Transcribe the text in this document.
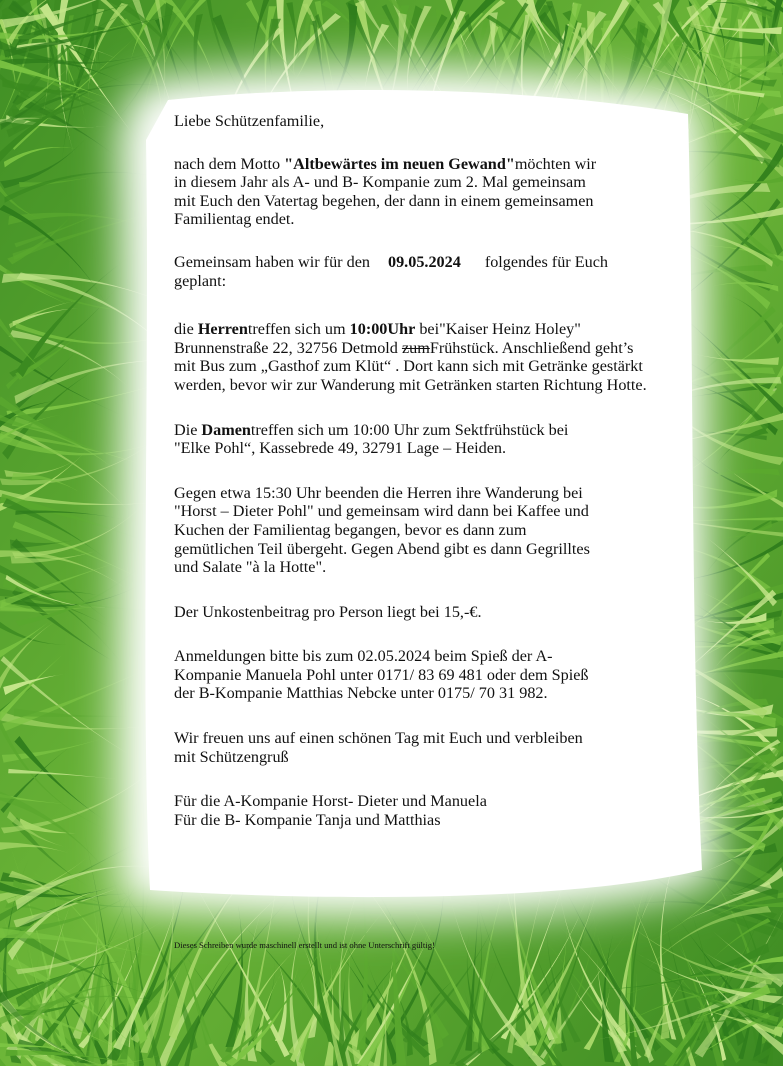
Liebe Schützenfamilie,

nach dem Motto "Altbewärtes im neuen Gewand"möchten wir

in diesem Jahr als A- und B- Kompanie zum 2. Mal gemeinsam

mit Euch den Vatertag begehen, der dann in einem gemeinsamen

Familientag endet.

Gemeinsam haben wir für den 09.05.2024 folgendes für Euch

geplant:

die Herrentreffen sich um 10:00Uhr bei"Kaiser Heinz Holey"

Brunnenstraße 22, 32756 Detmold zumFrühstück. Anschließend geht’s

mit Bus zum „Gasthof zum Klüt“ . Dort kann sich mit Getränke gestärkt

werden, bevor wir zur Wanderung mit Getränken starten Richtung Hotte.

Die Damentreffen sich um 10:00 Uhr zum Sektfrühstück bei

"Elke Pohl“, Kassebrede 49, 32791 Lage – Heiden.

Gegen etwa 15:30 Uhr beenden die Herren ihre Wanderung bei

"Horst – Dieter Pohl" und gemeinsam wird dann bei Kaffee und

Kuchen der Familientag begangen, bevor es dann zum

gemütlichen Teil übergeht. Gegen Abend gibt es dann Gegrilltes

und Salate "à la Hotte".

Der Unkostenbeitrag pro Person liegt bei 15,-€.

Anmeldungen bitte bis zum 02.05.2024 beim Spieß der A-

Kompanie Manuela Pohl unter 0171/ 83 69 481 oder dem Spieß

der B-Kompanie Matthias Nebcke unter 0175/ 70 31 982.

Wir freuen uns auf einen schönen Tag mit Euch und verbleiben

mit Schützengruß

Für die A-Kompanie Horst- Dieter und Manuela

Für die B- Kompanie Tanja und Matthias

Dieses Schreiben wurde maschinell erstellt und ist ohne Unterschrift gültig!
